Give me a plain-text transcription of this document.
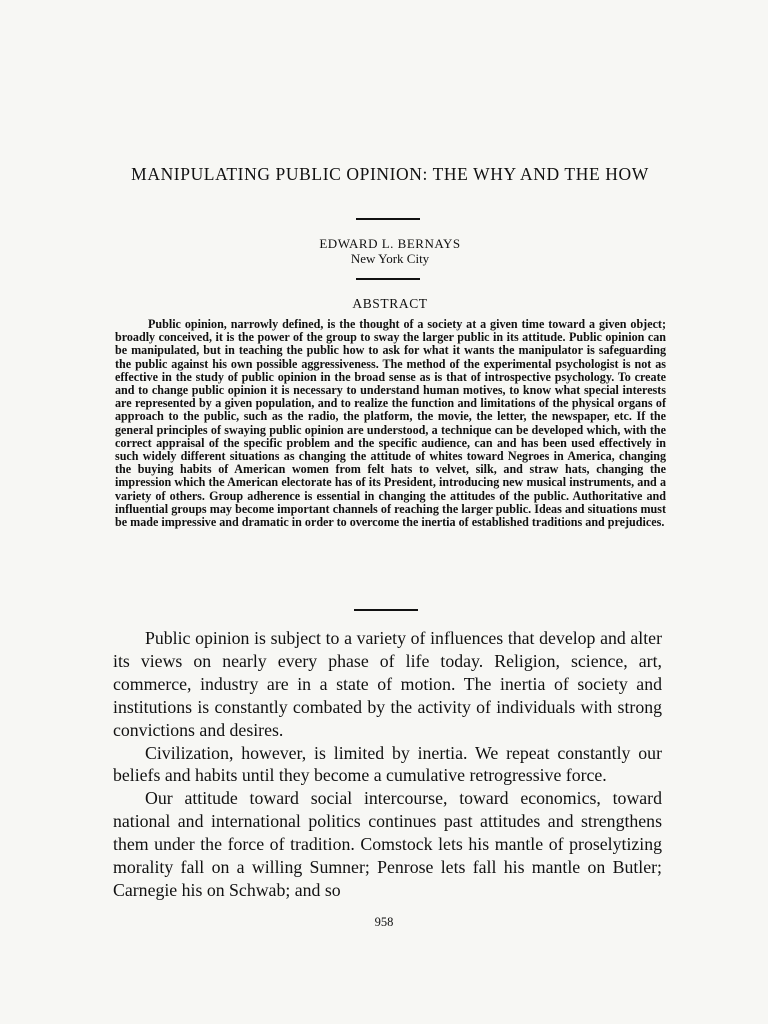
MANIPULATING PUBLIC OPINION: THE WHY AND THE HOW
EDWARD L. BERNAYS
New York City
ABSTRACT

Public opinion, narrowly defined, is the thought of a society at a given time toward a given object; broadly conceived, it is the power of the group to sway the larger public in its attitude. Public opinion can be manipulated, but in teaching the public how to ask for what it wants the manipulator is safeguarding the public against his own possible aggressiveness. The method of the experimental psychologist is not as effective in the study of public opinion in the broad sense as is that of introspective psychology. To create and to change public opinion it is necessary to understand human motives, to know what special interests are represented by a given population, and to realize the function and limitations of the physical organs of approach to the public, such as the radio, the platform, the movie, the letter, the newspaper, etc. If the general principles of swaying public opinion are understood, a technique can be developed which, with the correct appraisal of the specific problem and the specific audience, can and has been used effectively in such widely different situations as changing the attitude of whites toward Negroes in America, changing the buying habits of American women from felt hats to velvet, silk, and straw hats, changing the impression which the American electorate has of its President, introducing new musical instruments, and a variety of others. Group adherence is essential in changing the attitudes of the public. Authoritative and influential groups may become important channels of reaching the larger public. Ideas and situations must be made impressive and dramatic in order to overcome the inertia of established traditions and prejudices.

Public opinion is subject to a variety of influences that develop and alter its views on nearly every phase of life today. Religion, science, art, commerce, industry are in a state of motion. The inertia of society and institutions is constantly combated by the activity of individuals with strong convictions and desires.

Civilization, however, is limited by inertia. We repeat constantly our beliefs and habits until they become a cumulative retrogressive force.

Our attitude toward social intercourse, toward economics, toward national and international politics continues past attitudes and strengthens them under the force of tradition. Comstock lets his mantle of proselytizing morality fall on a willing Sumner; Penrose lets fall his mantle on Butler; Carnegie his on Schwab; and so

958
